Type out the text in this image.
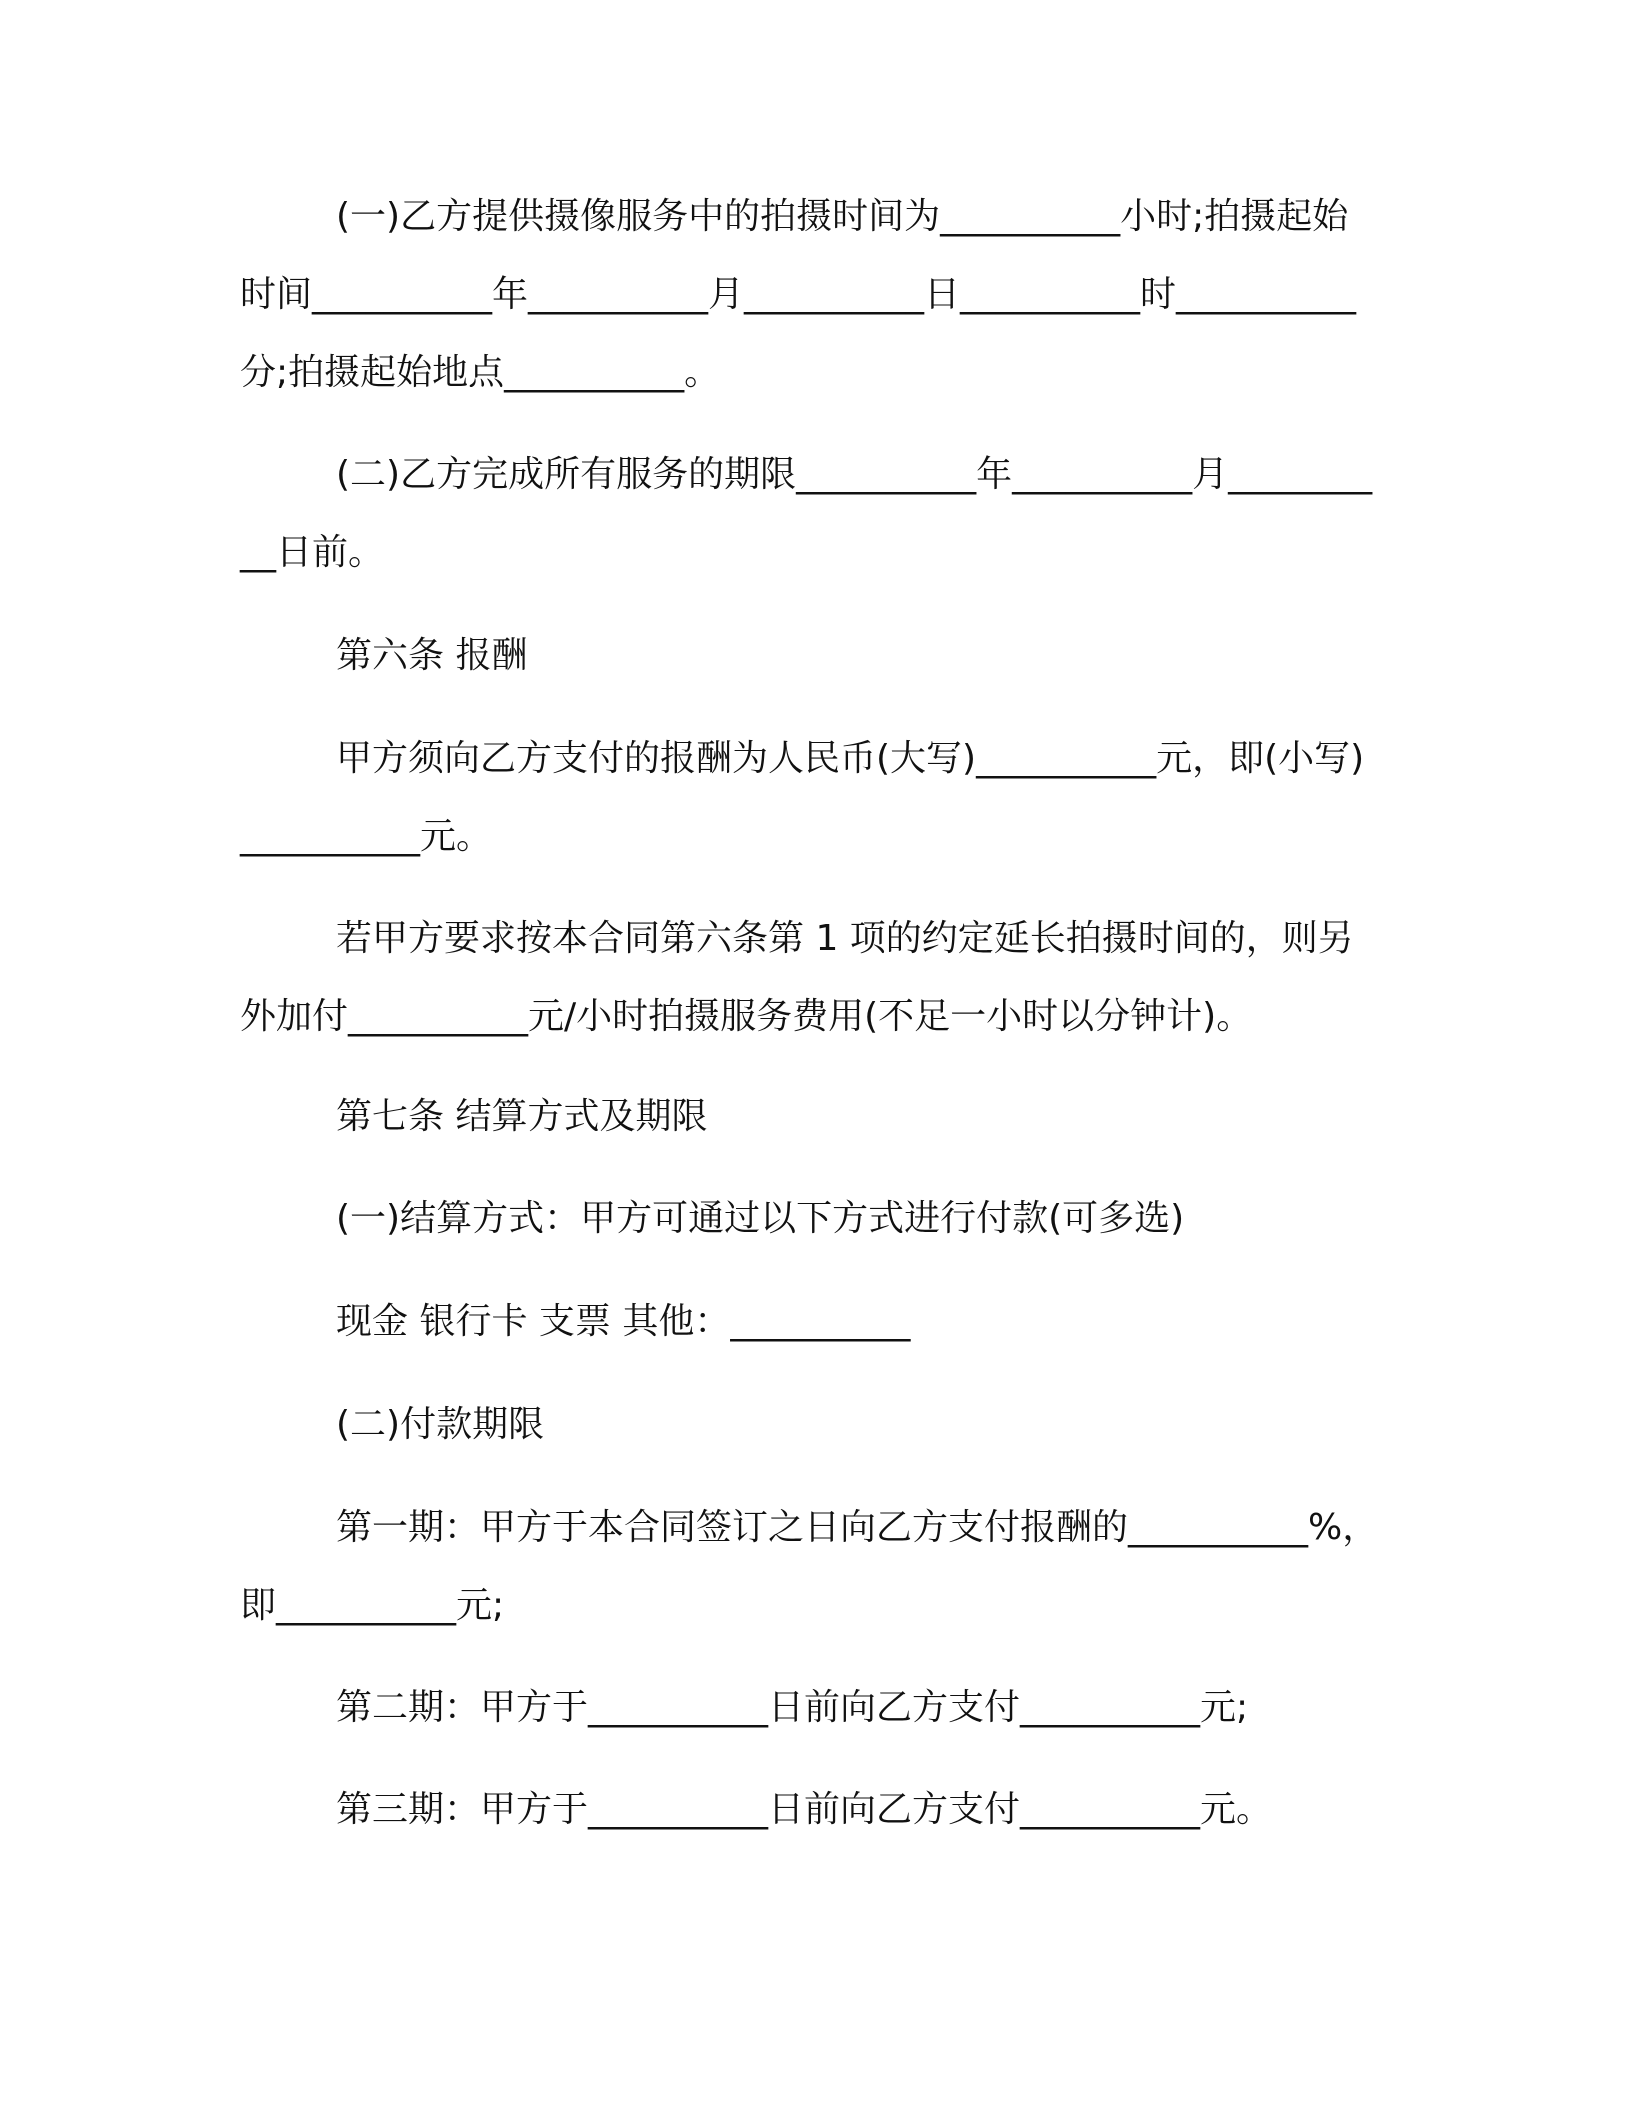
(一)乙方提供摄像服务中的拍摄时间为__________小时;拍摄起始时间__________年__________月__________日__________时__________分;拍摄起始地点__________。

(二)乙方完成所有服务的期限__________年__________月__________日前。

第六条 报酬

甲方须向乙方支付的报酬为人民币(大写)__________元，即(小写)__________元。

若甲方要求按本合同第六条第 1 项的约定延长拍摄时间的，则另外加付__________元/小时拍摄服务费用(不足一小时以分钟计)。

第七条 结算方式及期限

(一)结算方式：甲方可通过以下方式进行付款(可多选)

现金 银行卡 支票 其他：__________

(二)付款期限

第一期：甲方于本合同签订之日向乙方支付报酬的__________%，即__________元;

第二期：甲方于__________日前向乙方支付__________元;

第三期：甲方于__________日前向乙方支付__________元。
